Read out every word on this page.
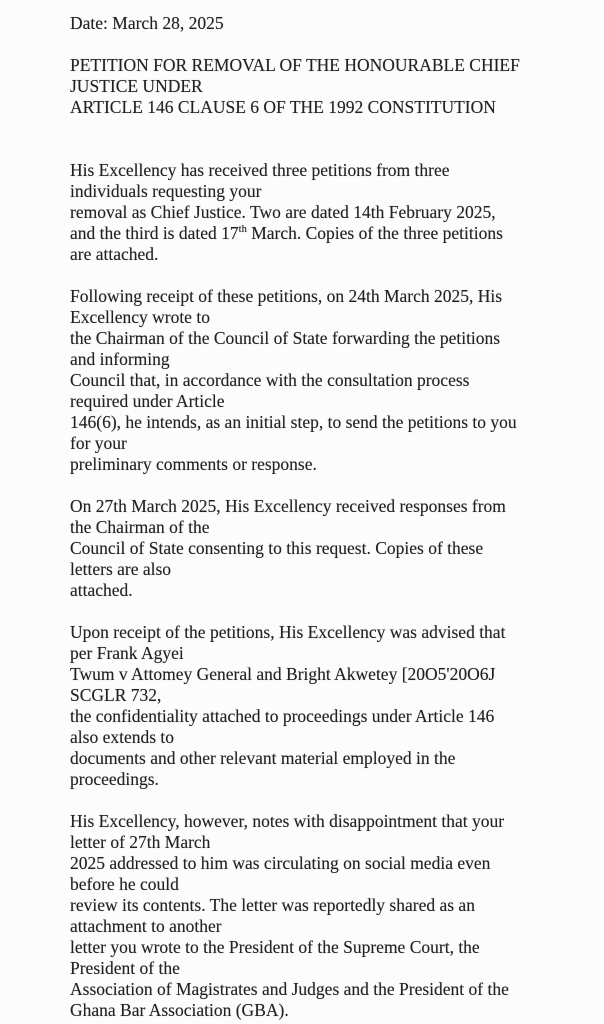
Date: March 28, 2025
PETITION FOR REMOVAL OF THE HONOURABLE CHIEF
JUSTICE UNDER
ARTICLE 146 CLAUSE 6 OF THE 1992 CONSTITUTION

His Excellency has received three petitions from three
individuals requesting your
removal as Chief Justice. Two are dated 14th February 2025,
and the third is dated 17th March. Copies of the three petitions
are attached.

Following receipt of these petitions, on 24th March 2025, His
Excellency wrote to
the Chairman of the Council of State forwarding the petitions
and informing
Council that, in accordance with the consultation process
required under Article
146(6), he intends, as an initial step, to send the petitions to you
for your
preliminary comments or response.

On 27th March 2025, His Excellency received responses from
the Chairman of the
Council of State consenting to this request. Copies of these
letters are also
attached.

Upon receipt of the petitions, His Excellency was advised that
per Frank Agyei
Twum v Attomey General and Bright Akwetey [20O5'20O6J
SCGLR 732,
the confidentiality attached to proceedings under Article 146
also extends to
documents and other relevant material employed in the
proceedings.

His Excellency, however, notes with disappointment that your
letter of 27th March
2025 addressed to him was circulating on social media even
before he could
review its contents. The letter was reportedly shared as an
attachment to another
letter you wrote to the President of the Supreme Court, the
President of the
Association of Magistrates and Judges and the President of the
Ghana Bar Association (GBA).
